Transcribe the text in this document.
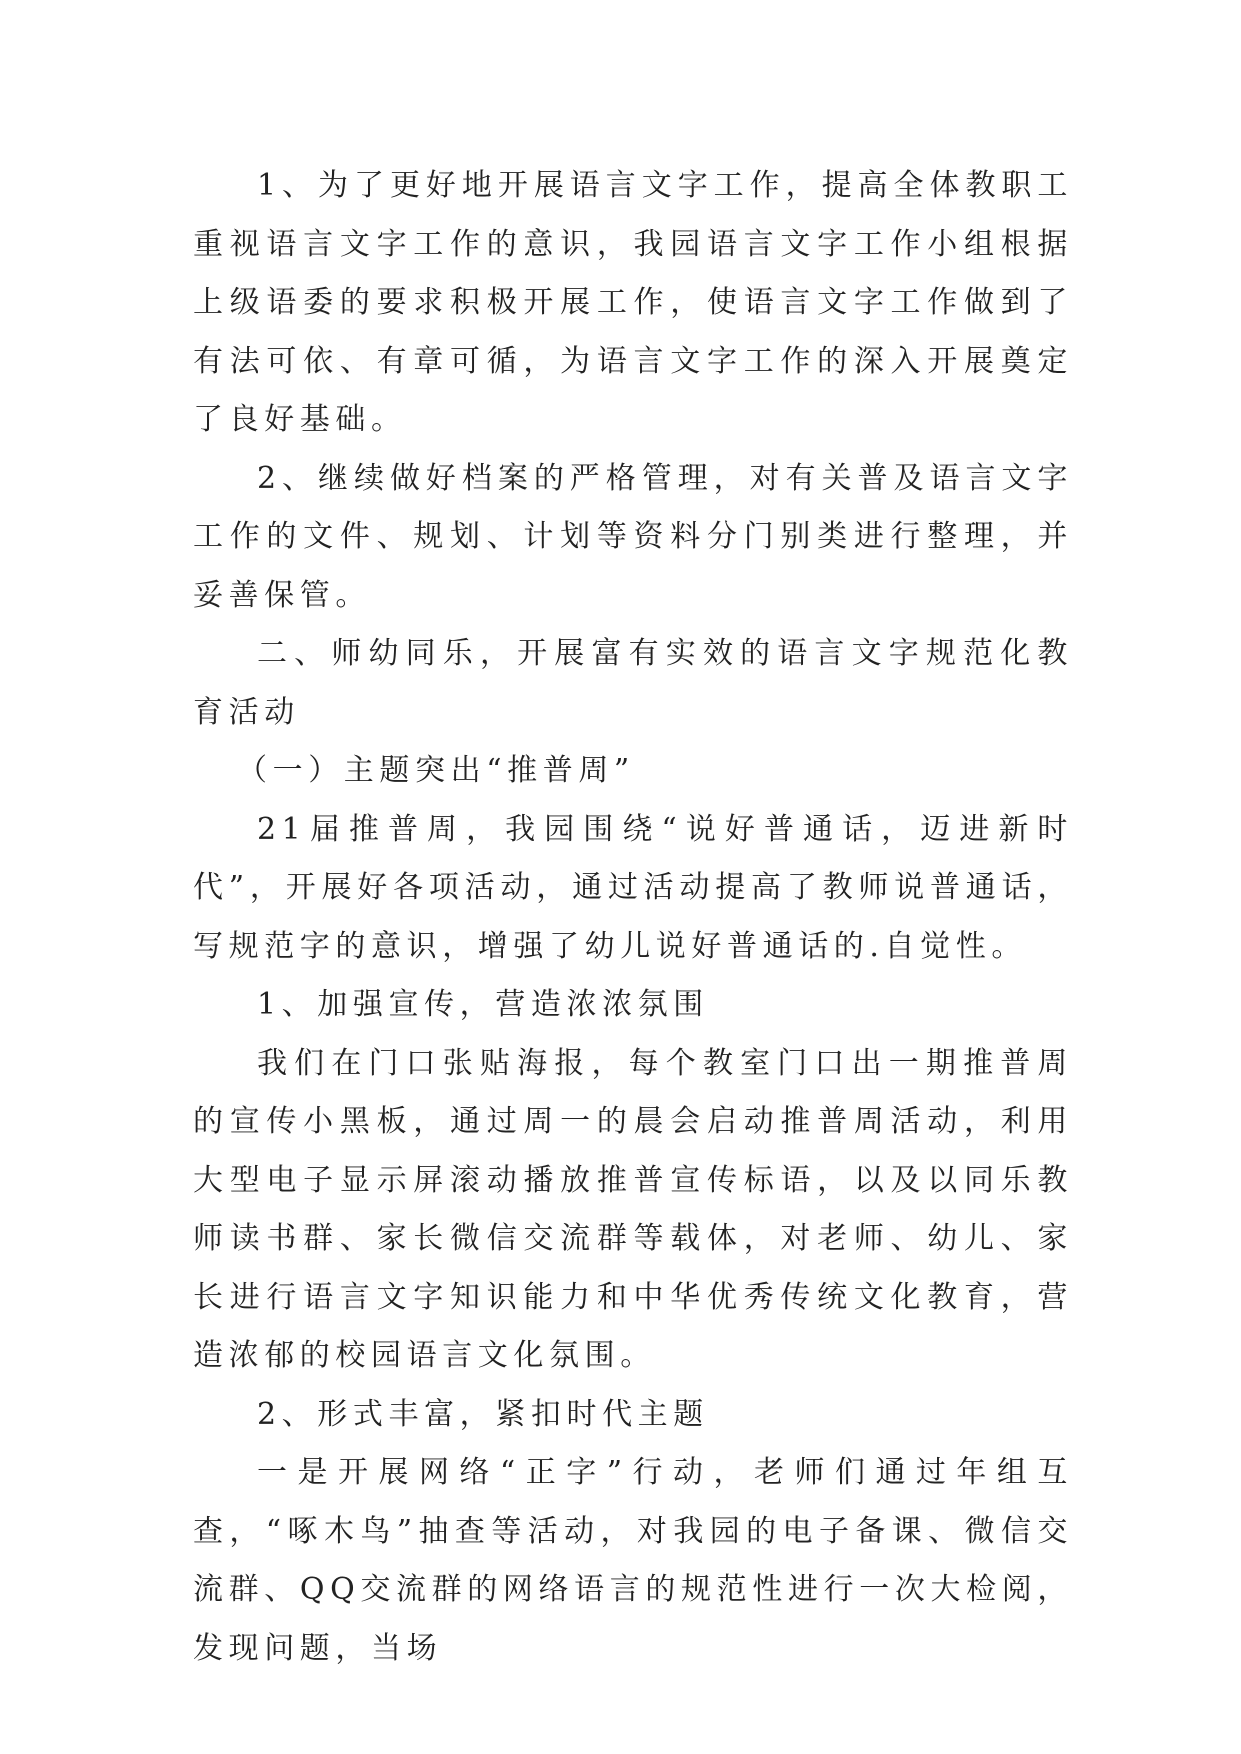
1、为了更好地开展语言文字工作，提高全体教职工重视语言文字工作的意识，我园语言文字工作小组根据上级语委的要求积极开展工作，使语言文字工作做到了有法可依、有章可循，为语言文字工作的深入开展奠定了良好基础。

2、继续做好档案的严格管理，对有关普及语言文字工作的文件、规划、计划等资料分门别类进行整理，并妥善保管。

二、师幼同乐，开展富有实效的语言文字规范化教育活动

（一）主题突出“推普周”

21届推普周，我园围绕“说好普通话，迈进新时代”，开展好各项活动，通过活动提高了教师说普通话，写规范字的意识，增强了幼儿说好普通话的.自觉性。

1、加强宣传，营造浓浓氛围

我们在门口张贴海报，每个教室门口出一期推普周的宣传小黑板，通过周一的晨会启动推普周活动，利用大型电子显示屏滚动播放推普宣传标语，以及以同乐教师读书群、家长微信交流群等载体，对老师、幼儿、家长进行语言文字知识能力和中华优秀传统文化教育，营造浓郁的校园语言文化氛围。

2、形式丰富，紧扣时代主题

一是开展网络“正字”行动，老师们通过年组互查，“啄木鸟”抽查等活动，对我园的电子备课、微信交流群、QQ交流群的网络语言的规范性进行一次大检阅，发现问题，当场
